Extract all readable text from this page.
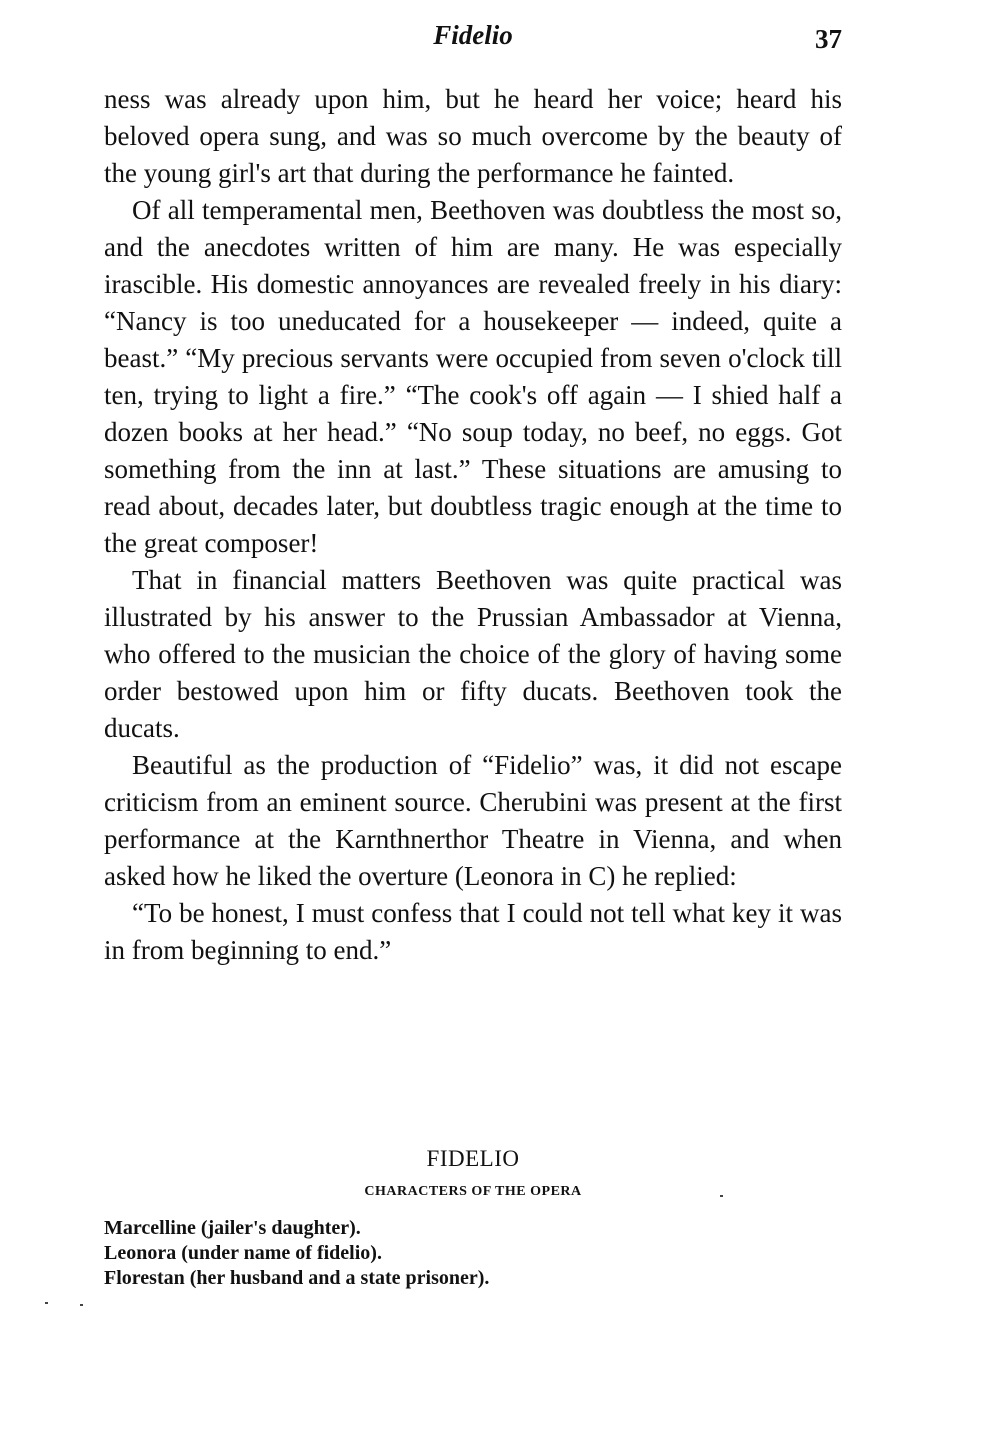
Fidelio	37

ness was already upon him, but he heard her voice; heard his beloved opera sung, and was so much overcome by the beauty of the young girl's art that during the performance he fainted.

Of all temperamental men, Beethoven was doubtless the most so, and the anecdotes written of him are many. He was especially irascible. His domestic annoyances are revealed freely in his diary: “Nancy is too uneducated for a housekeeper — indeed, quite a beast.” “My precious servants were occupied from seven o'clock till ten, trying to light a fire.” “The cook's off again — I shied half a dozen books at her head.” “No soup today, no beef, no eggs. Got something from the inn at last.” These situations are amusing to read about, decades later, but doubtless tragic enough at the time to the great composer!

That in financial matters Beethoven was quite practical was illustrated by his answer to the Prussian Ambassador at Vienna, who offered to the musician the choice of the glory of having some order bestowed upon him or fifty ducats. Beethoven took the ducats.

Beautiful as the production of “Fidelio” was, it did not escape criticism from an eminent source. Cherubini was present at the first performance at the Karnthnerthor Theatre in Vienna, and when asked how he liked the overture (Leonora in C) he replied:

“To be honest, I must confess that I could not tell what key it was in from beginning to end.”

FIDELIO
CHARACTERS OF THE OPERA
Marcelline (jailer's daughter).
Leonora (under name of fidelio).
Florestan (her husband and a state prisoner).
